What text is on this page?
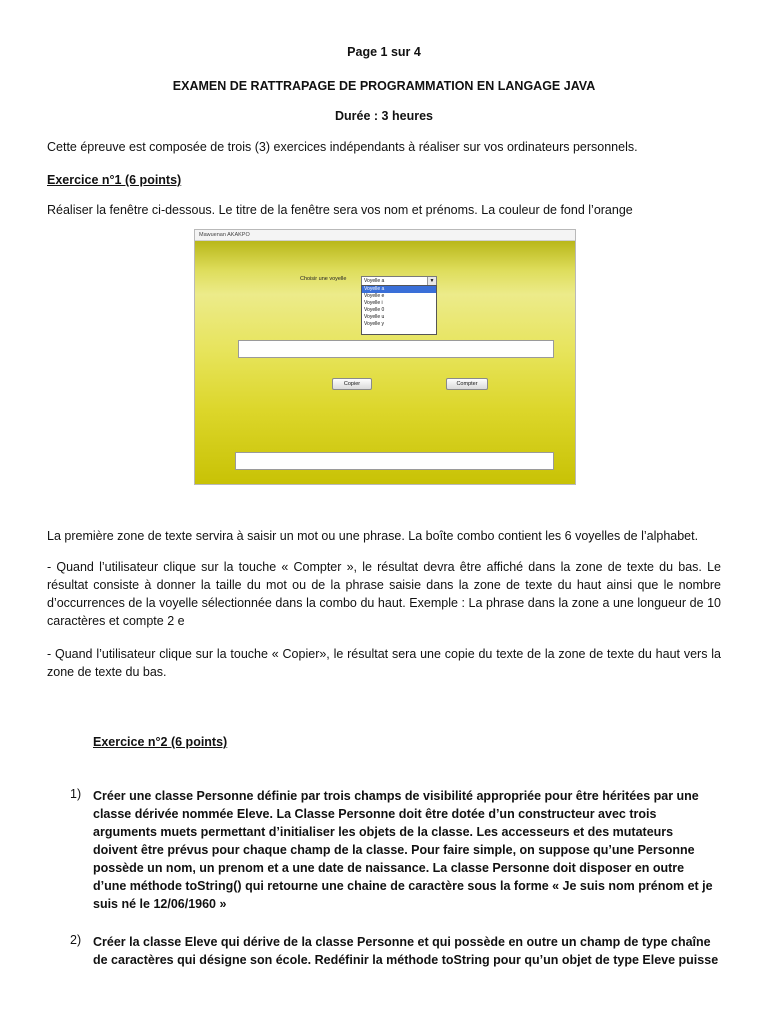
Page 1 sur 4
EXAMEN DE RATTRAPAGE DE PROGRAMMATION EN LANGAGE JAVA
Durée : 3 heures
Cette épreuve est composée de trois (3) exercices indépendants à réaliser sur vos ordinateurs personnels.
Exercice n°1 (6 points)
Réaliser la fenêtre ci-dessous. Le titre de la fenêtre sera vos nom et prénoms. La couleur de fond l’orange
Mawuenan AKAKPO
Choisir une voyelle	Voyelle a	▼
Voyelle a
Voyelle e
Voyelle i
Voyelle 0
Voyelle u
Voyelle y
Copier	Compter
La première zone de texte servira à saisir un mot ou une phrase. La boîte combo contient les 6 voyelles de l’alphabet.
- Quand l’utilisateur clique sur la touche « Compter », le résultat devra être affiché dans la zone de texte du bas. Le résultat consiste à donner la taille du mot ou de la phrase saisie dans la zone de texte du haut ainsi que le nombre d’occurrences de la voyelle sélectionnée dans la combo du haut. Exemple : La phrase dans la zone a une longueur de 10 caractères et compte 2 e
- Quand l’utilisateur clique sur la touche « Copier», le résultat sera une copie du texte de la zone de texte du haut vers la zone de texte du bas.
Exercice n°2 (6 points)
1) Créer une classe Personne définie par trois champs de visibilité appropriée pour être héritées par une classe dérivée nommée Eleve. La Classe Personne doit être dotée d’un constructeur avec trois arguments muets permettant d’initialiser les objets de la classe. Les accesseurs et des mutateurs doivent être prévus pour chaque champ de la classe. Pour faire simple, on suppose qu’une Personne possède un nom, un prenom et a une date de naissance. La classe Personne doit disposer en outre d’une méthode toString() qui retourne une chaine de caractère sous la forme « Je suis nom prénom et je suis né le 12/06/1960 »
2) Créer la classe Eleve qui dérive de la classe Personne et qui possède en outre un champ de type chaîne de caractères qui désigne son école. Redéfinir la méthode toString pour qu’un objet de type Eleve puisse
